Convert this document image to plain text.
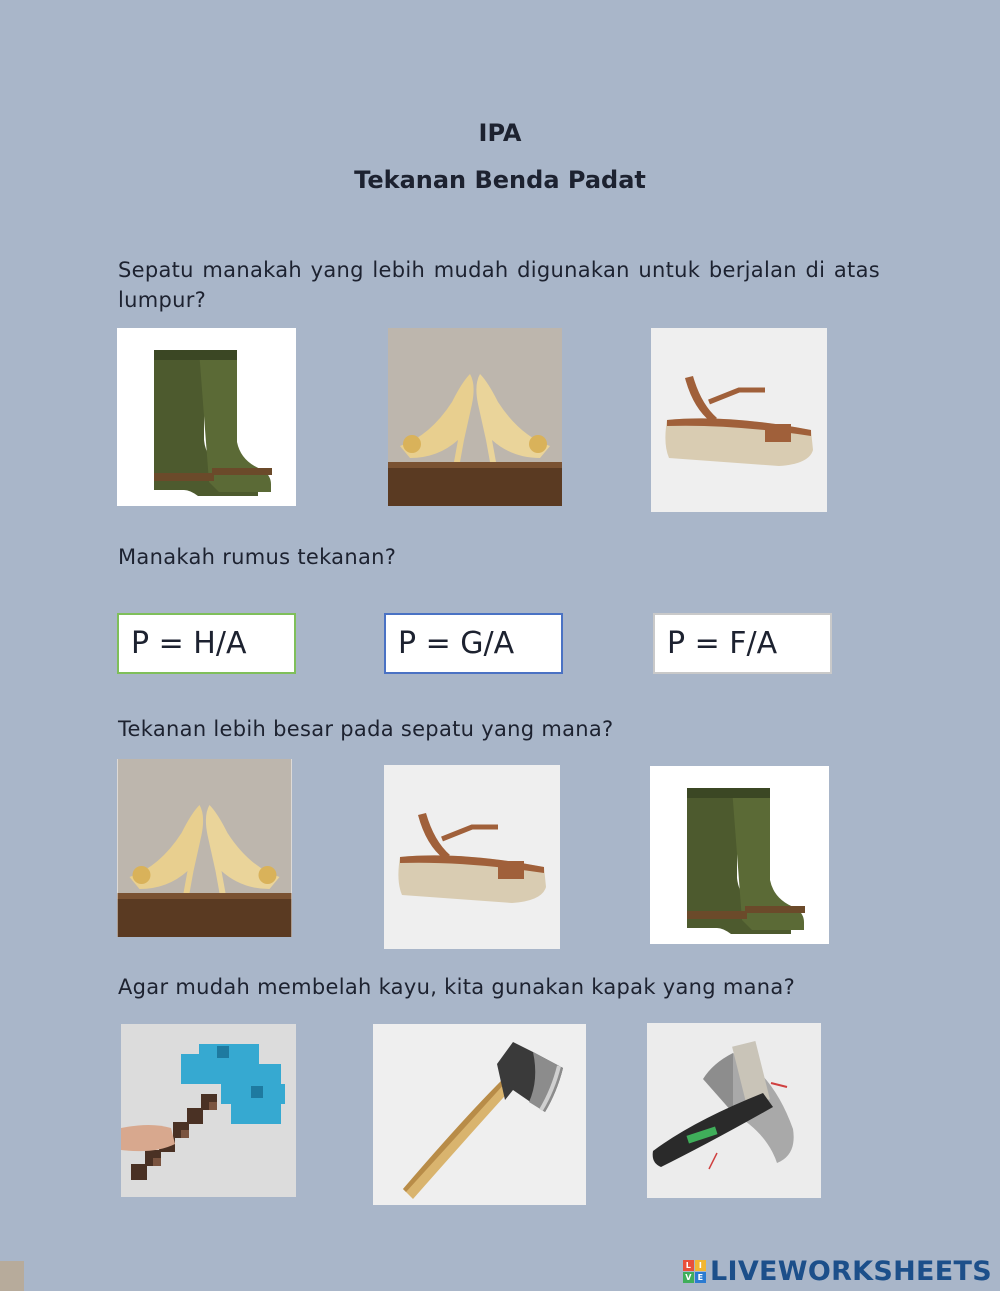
IPA
Tekanan Benda Padat
Sepatu manakah yang lebih mudah digunakan untuk berjalan di atas lumpur?
Manakah rumus tekanan?
P = H/A	P = G/A	P = F/A
Tekanan lebih besar pada sepatu yang mana?
Agar mudah membelah kayu, kita gunakan kapak yang mana?
L I
V E LIVEWORKSHEETS
